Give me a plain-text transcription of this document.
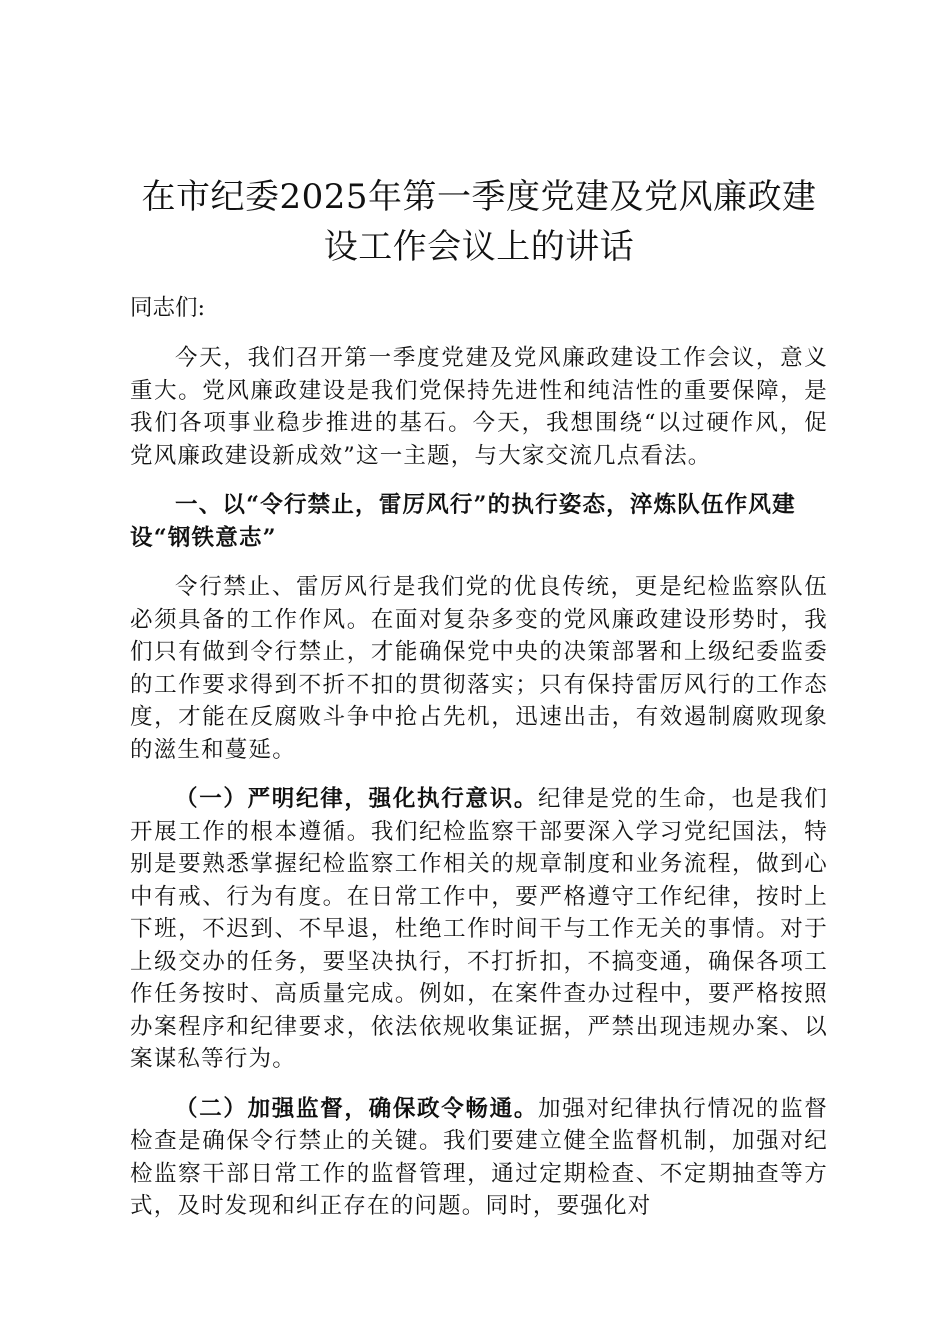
在市纪委2025年第一季度党建及党风廉政建
设工作会议上的讲话

同志们:

今天，我们召开第一季度党建及党风廉政建设工作会议，意义重大。党风廉政建设是我们党保持先进性和纯洁性的重要保障，是我们各项事业稳步推进的基石。今天，我想围绕“以过硬作风，促党风廉政建设新成效”这一主题，与大家交流几点看法。

一、以“令行禁止，雷厉风行”的执行姿态，淬炼队伍作风建设“钢铁意志”

令行禁止、雷厉风行是我们党的优良传统，更是纪检监察队伍必须具备的工作作风。在面对复杂多变的党风廉政建设形势时，我们只有做到令行禁止，才能确保党中央的决策部署和上级纪委监委的工作要求得到不折不扣的贯彻落实；只有保持雷厉风行的工作态度，才能在反腐败斗争中抢占先机，迅速出击，有效遏制腐败现象的滋生和蔓延。

（一）严明纪律，强化执行意识。纪律是党的生命，也是我们开展工作的根本遵循。我们纪检监察干部要深入学习党纪国法，特别是要熟悉掌握纪检监察工作相关的规章制度和业务流程，做到心中有戒、行为有度。在日常工作中，要严格遵守工作纪律，按时上下班，不迟到、不早退，杜绝工作时间干与工作无关的事情。对于上级交办的任务，要坚决执行，不打折扣，不搞变通，确保各项工作任务按时、高质量完成。例如，在案件查办过程中，要严格按照办案程序和纪律要求，依法依规收集证据，严禁出现违规办案、以案谋私等行为。

（二）加强监督，确保政令畅通。加强对纪律执行情况的监督检查是确保令行禁止的关键。我们要建立健全监督机制，加强对纪检监察干部日常工作的监督管理，通过定期检查、不定期抽查等方式，及时发现和纠正存在的问题。同时，要强化对
